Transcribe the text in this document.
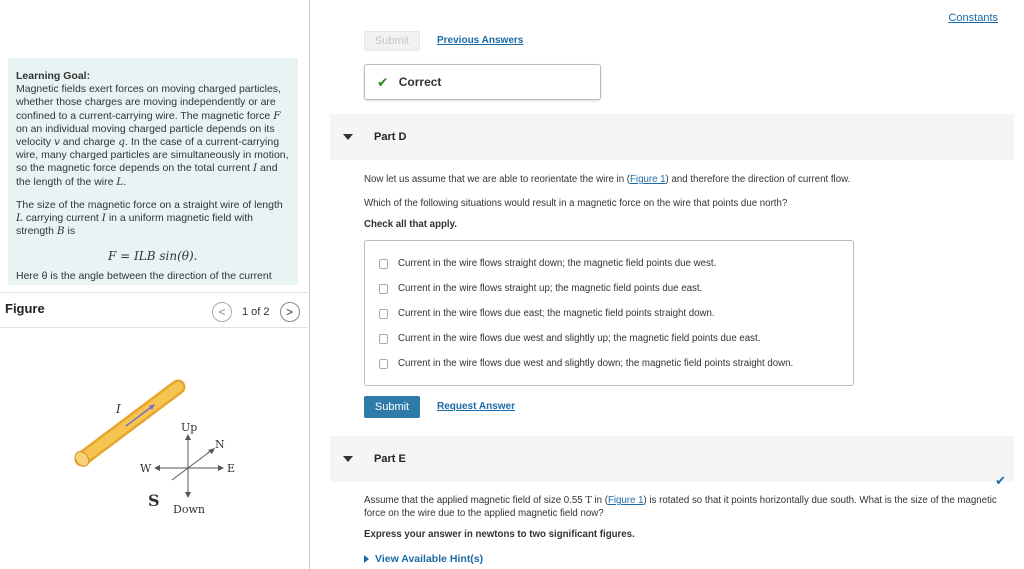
Learning Goal:

Magnetic fields exert forces on moving charged particles, whether those charges are moving independently or are confined to a current-carrying wire. The magnetic force F on an individual moving charged particle depends on its velocity v and charge q. In the case of a current-carrying wire, many charged particles are simultaneously in motion, so the magnetic force depends on the total current I and the length of the wire L.

The size of the magnetic force on a straight wire of length L carrying current I in a uniform magnetic field with strength B is

F = ILB sin(θ).
Here θ is the angle between the direction of the current
Figure	< 1 of 2 >
I
Up
Down
W	E
N
S
Constants
Submit	Previous Answers
✔ Correct
Part D
Now let us assume that we are able to reorientate the wire in (Figure 1) and therefore the direction of current flow.
Which of the following situations would result in a magnetic force on the wire that points due north?
Check all that apply.
Current in the wire flows straight down; the magnetic field points due west.
Current in the wire flows straight up; the magnetic field points due east.
Current in the wire flows due east; the magnetic field points straight down.
Current in the wire flows due west and slightly up; the magnetic field points due east.
Current in the wire flows due west and slightly down; the magnetic field points straight down.
Submit	Request Answer
Part E
✔
Assume that the applied magnetic field of size 0.55 T in (Figure 1) is rotated so that it points horizontally due south. What is the size of the magnetic force on the wire due to the applied magnetic field now?
Express your answer in newtons to two significant figures.
View Available Hint(s)
